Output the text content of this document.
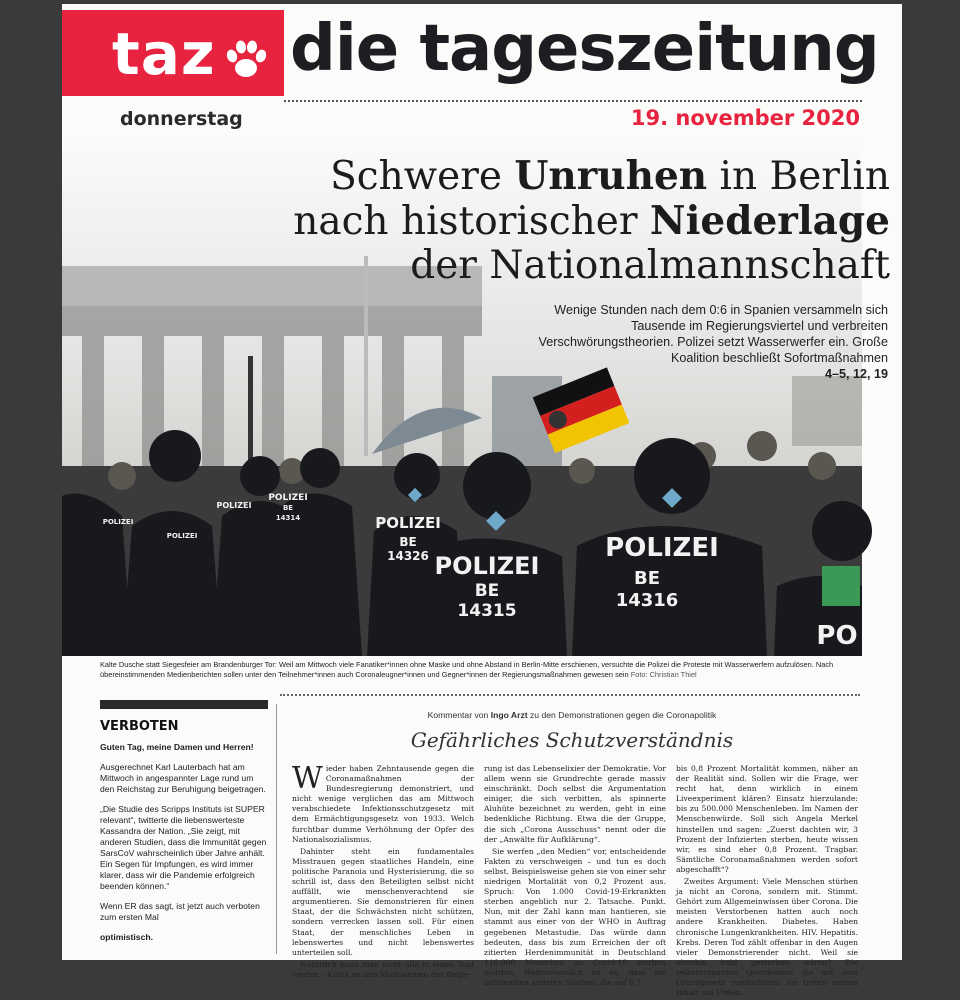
taz die tageszeitung
donnerstag	19. november 2020
POLIZEI
BE
14315
POLIZEI
BE
14316
POLIZEI
BE
14326
POLIZEI
BE
14314
POLIZEI
POLIZEI
POLIZEI
PO
Schwere Unruhen in Berlin
nach historischer Niederlage
der Nationalmannschaft
Wenige Stunden nach dem 0:6 in Spanien versammeln sich Tausende im Regierungsviertel und verbreiten Verschwörungstheorien. Polizei setzt Wasserwerfer ein. Große Koalition beschließt Sofortmaßnahmen
4–5, 12, 19
Kalte Dusche statt Siegesfeier am Brandenburger Tor: Weil am Mittwoch viele Fanatiker*innen ohne Maske und ohne Abstand in Berlin-Mitte erschienen, versuchte die Polizei die Proteste mit Wasserwerfern aufzulösen. Nach übereinstimmenden Medienberichten sollen unter den Teilnehmer*innen auch Coronaleugner*innen und Gegner*innen der Regierungsmaßnahmen gewesen sein Foto: Christian Thiel
VERBOTEN

Guten Tag, meine Damen und Herren!

Ausgerechnet Karl Lauterbach hat am Mittwoch in angespannter Lage rund um den Reichstag zur Beruhigung beigetragen.

„Die Studie des Scripps Instituts ist SUPER relevant“, twitterte die liebenswerteste Kassandra der Nation. „Sie zeigt, mit anderen Studien, dass die Immunität gegen SarsCoV wahrscheinlich über Jahre anhält. Ein Segen für Impfungen, es wird immer klarer, dass wir die Pandemie erfolgreich beenden können.“

Wenn ER das sagt, ist jetzt auch verboten zum ersten Mal

optimistisch.

Kommentar von Ingo Arzt zu den Demonstrationen gegen die Coronapolitik
Gefährliches Schutzverständnis

Wieder haben Zehntausende gegen die Coronamaßnahmen der Bundesregierung demonstriert, und nicht wenige verglichen das am Mittwoch verabschiedete Infektionsschutzgesetz mit dem Ermächtigungsgesetz von 1933. Welch furchtbar dumme Verhöhnung der Opfer des Nationalsozialismus.

Dahinter steht ein fundamentales Misstrauen gegen staatliches Handeln, eine politische Paranoia und Hysterisierung, die so schrill ist, dass den Beteiligten selbst nicht auffällt, wie menschenverachtend sie argumentieren. Sie demonstrieren für einen Staat, der die Schwächsten nicht schützen, sondern verrecken lassen soll. Für einen Staat, der menschliches Leben in lebenswertes und nicht lebenswertes unterteilen soll.

Natürlich kann man nicht alle in einen Topf werfen – Kritik an den Maßnahmen der Regie-

rung ist das Lebenselixier der Demokratie. Vor allem wenn sie Grundrechte gerade massiv einschränkt. Doch selbst die Argumentation einiger, die sich verbitten, als spinnerte Aluhüte bezeichnet zu werden, geht in eine bedenkliche Richtung. Etwa die der Gruppe, die sich „Corona Ausschuss“ nennt oder die der „Anwälte für Aufklärung“.

Sie werfen „den Medien“ vor, entscheidende Fakten zu verschweigen – und tun es doch selbst. Beispielsweise gehen sie von einer sehr niedrigen Mortalität von 0,2 Prozent aus. Spruch: Von 1.000 Covid-19-Erkrankten sterben angeblich nur 2. Tatsache. Punkt. Nun, mit der Zahl kann man hantieren, sie stammt aus einer von der WHO in Auftrag gegebenen Metastudie. Das würde dann bedeuten, dass bis zum Erreichen der oft zitierten Herdenimmunität in Deutschland 116.000 Menschen an Covid-19 sterben würden. Wahrscheinlich ist es, dass die zahlreichen anderen Studien, die auf 0,7

bis 0,8 Prozent Mortalität kommen, näher an der Realität sind. Sollen wir die Frage, wer recht hat, denn wirklich in einem Liveexperiment klären? Einsatz hierzulande: bis zu 500.000 Menschenleben. Im Namen der Menschenwürde. Soll sich Angela Merkel hinstellen und sagen: „Zuerst dachten wir, 3 Prozent der Infizierten sterben, heute wissen wir, es sind eher 0,8 Prozent. Tragbar. Sämtliche Coronamaßnahmen werden sofort abgeschafft“?

Zweites Argument: Viele Menschen stürben ja nicht an Corona, sondern mit. Stimmt. Gehört zum Allgemeinwissen über Corona. Die meisten Verstorbenen hatten auch noch andere Krankheiten. Diabetes. Haben chronische Lungenkrankheiten. HIV. Hepatitis. Krebs. Deren Tod zählt offenbar in den Augen vieler Demonstrierender nicht. Weil sie ohnehin bald gestorben wären? Die selbsternannten Querdenker, die mit dem Grundgesetz rumfuchteln: sie treten seinen Inhalt mit Füßen.
